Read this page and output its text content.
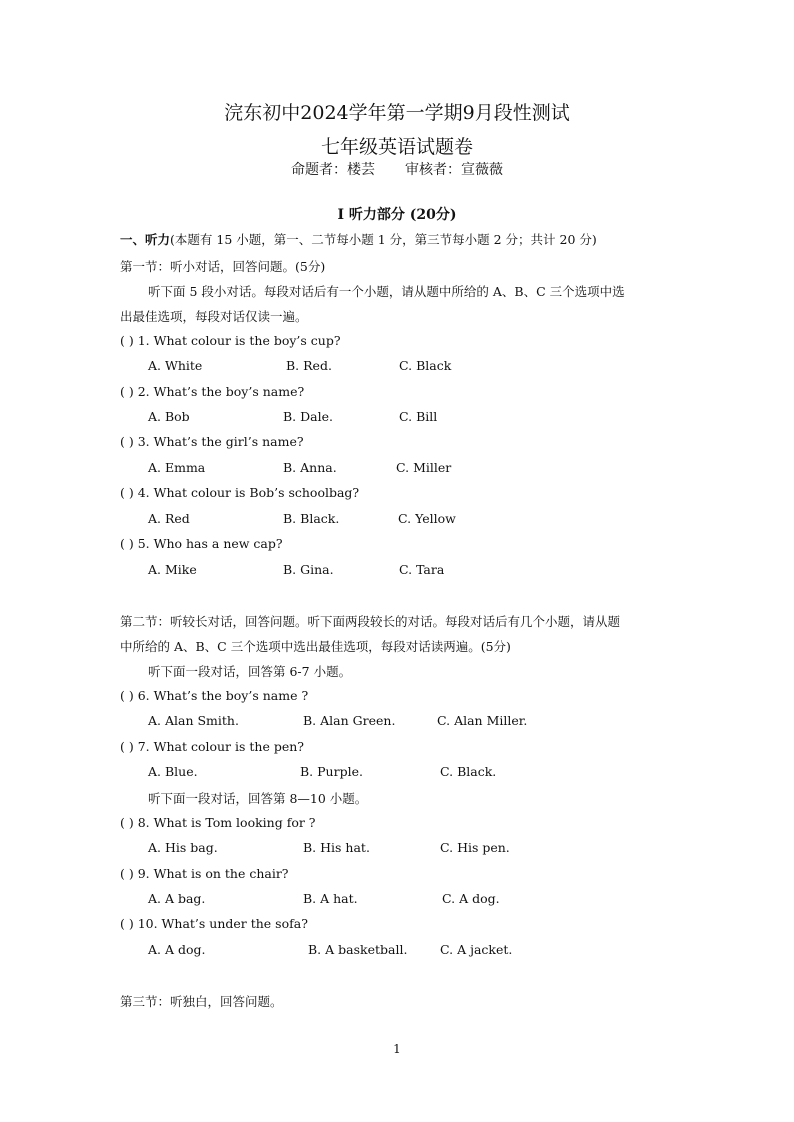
浣东初中2024学年第一学期9月段性测试
七年级英语试题卷
命题者：楼芸 审核者：宣薇薇
I 听力部分 (20分)
一、听力(本题有 15 小题，第一、二节每小题 1 分，第三节每小题 2 分；共计 20 分)
第一节：听小对话，回答问题。(5分)
听下面 5 段小对话。每段对话后有一个小题，请从题中所给的 A、B、C 三个选项中选
出最佳选项，每段对话仅读一遍。
( ) 1. What colour is the boy’s cup?
A. White	B. Red.	C. Black
( ) 2. What’s the boy’s name?
A. Bob	B. Dale.	C. Bill
( ) 3. What’s the girl’s name?
A. Emma	B. Anna.	C. Miller
( ) 4. What colour is Bob’s schoolbag?
A. Red	B. Black.	C. Yellow
( ) 5. Who has a new cap?
A. Mike	B. Gina.	C. Tara
第二节：听较长对话，回答问题。听下面两段较长的对话。每段对话后有几个小题，请从题
中所给的 A、B、C 三个选项中选出最佳选项，每段对话读两遍。(5分)
听下面一段对话，回答第 6-7 小题。
( ) 6. What’s the boy’s name ?
A. Alan Smith.	B. Alan Green.	C. Alan Miller.
( ) 7. What colour is the pen?
A. Blue.	B. Purple.	C. Black.
听下面一段对话，回答第 8—10 小题。
( ) 8. What is Tom looking for ?
A. His bag.	B. His hat.	C. His pen.
( ) 9. What is on the chair?
A. A bag.	B. A hat.	C. A dog.
( ) 10. What’s under the sofa?
A. A dog.	B. A basketball.	C. A jacket.
第三节：听独白，回答问题。
1
